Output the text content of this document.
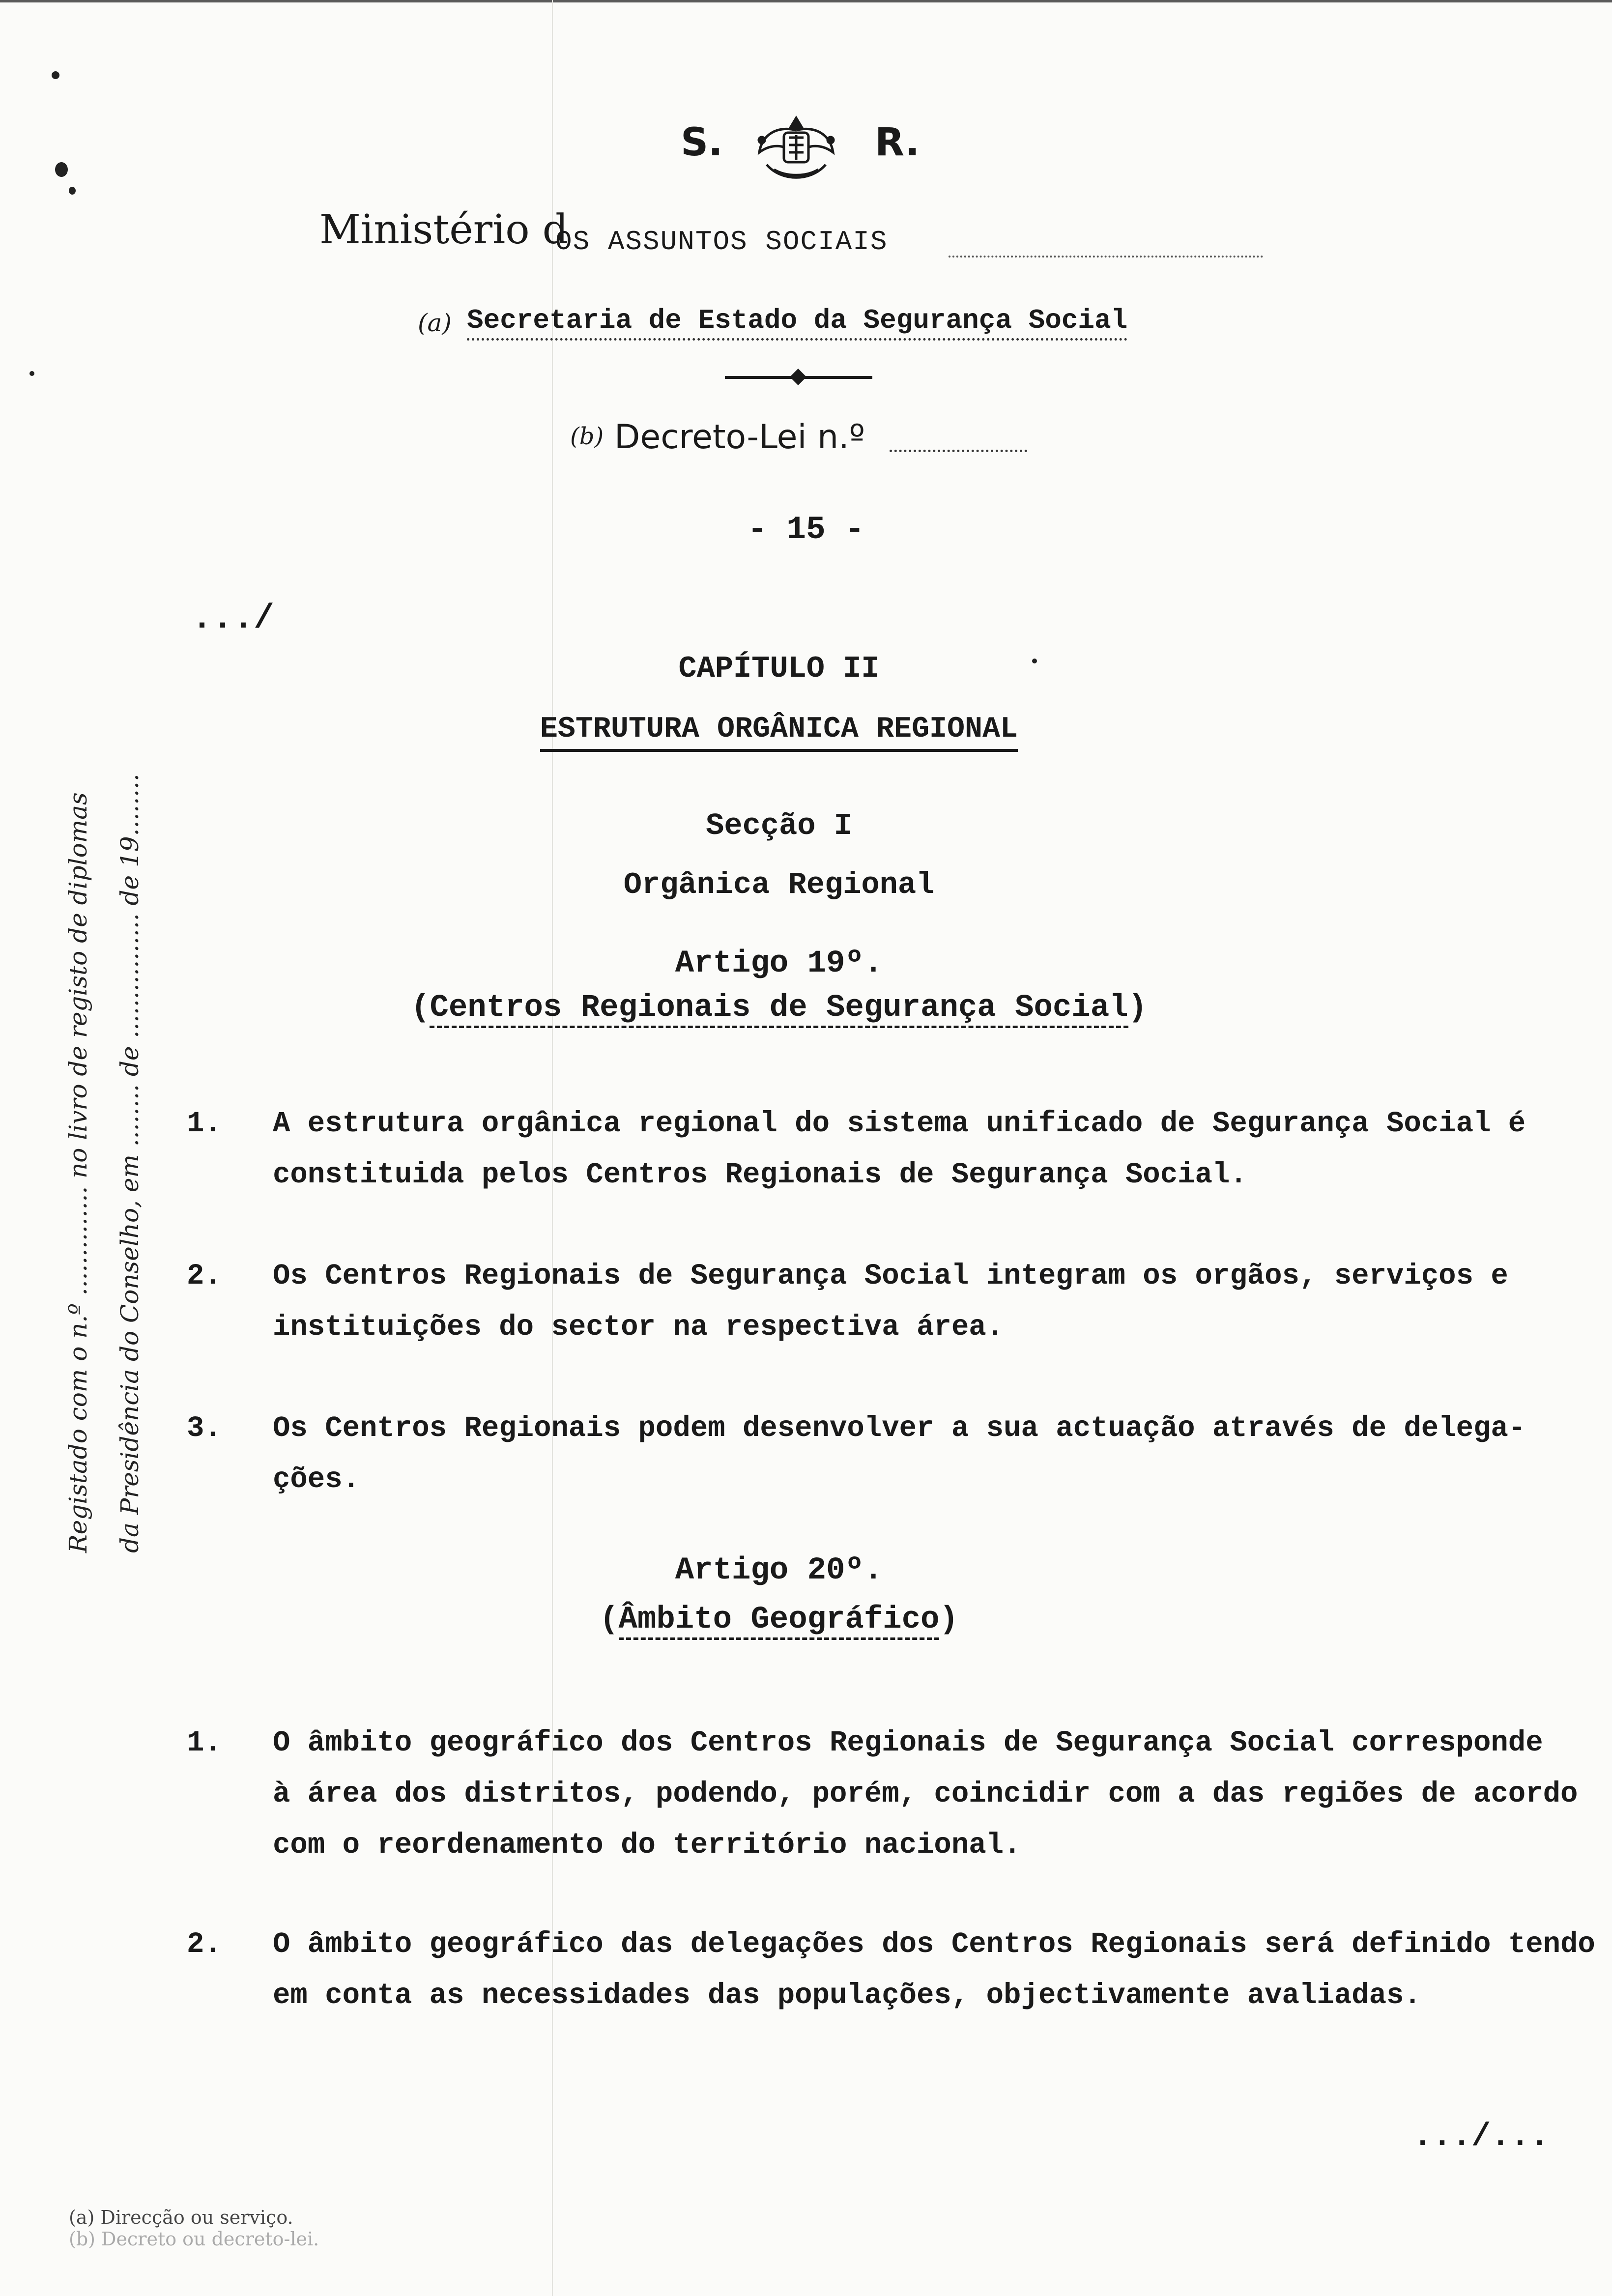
S.	R.
Ministério d
OS ASSUNTOS SOCIAIS
(a) Secretaria de Estado da Segurança Social
(b) Decreto-Lei n.º
- 15 -
.../
CAPÍTULO II
ESTRUTURA ORGÂNICA REGIONAL
Secção I
Orgânica Regional
Artigo 19º.
(Centros Regionais de Segurança Social)
1. A estrutura orgânica regional do sistema unificado de Segurança Social é
constituida pelos Centros Regionais de Segurança Social.
2. Os Centros Regionais de Segurança Social integram os orgãos, serviços e
instituições do sector na respectiva área.
3. Os Centros Regionais podem desenvolver a sua actuação através de delega-
ções.
Artigo 20º.
(Âmbito Geográfico)
1. O âmbito geográfico dos Centros Regionais de Segurança Social corresponde
à área dos distritos, podendo, porém, coincidir com a das regiões de acordo
com o reordenamento do território nacional.
2. O âmbito geográfico das delegações dos Centros Regionais será definido tendo
em conta as necessidades das populações, objectivamente avaliadas.
.../...
Registado com o n.º .............. no livro de registo de diplomas da Presidência do Conselho, em ........ de ................ de 19........
(a) Direcção ou serviço.
(b) Decreto ou decreto-lei.
